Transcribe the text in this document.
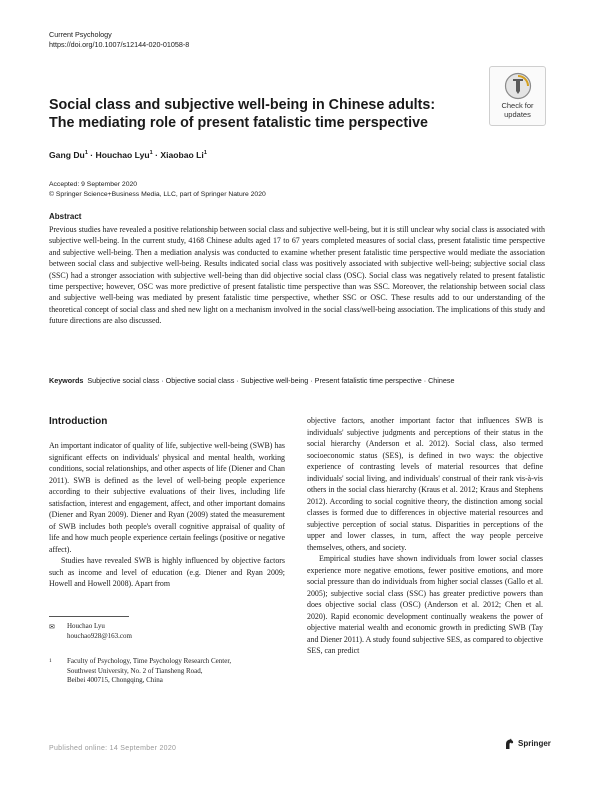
Current Psychology
https://doi.org/10.1007/s12144-020-01058-8
Check for
updates
Social class and subjective well-being in Chinese adults:
The mediating role of present fatalistic time perspective
Gang $Du^1$ · Houchao Lyu$^1$ · Xiaobao Li$^1$
Accepted: 9 September 2020
© Springer Science+Business Media, LLC, part of Springer Nature 2020
Abstract

Previous studies have revealed a positive relationship between social class and subjective well-being, but it is still unclear why social class is associated with subjective well-being. In the current study, 4168 Chinese adults aged 17 to 67 years completed measures of social class, present fatalistic time perspective and subjective well-being. Then a mediation analysis was conducted to examine whether present fatalistic time perspective would mediate the association between social class and subjective well-being. Results indicated social class was positively associated with subjective well-being; subjective social class (SSC) had a stronger association with subjective well-being than did objective social class (OSC). Social class was negatively related to present fatalistic time perspective; however, OSC was more predictive of present fatalistic time perspective than was SSC. Moreover, the relationship between social class and subjective well-being was mediated by present fatalistic time perspective, whether SSC or OSC. These results add to our understanding of the theoretical concept of social class and shed new light on a mechanism involved in the social class/well-being association. The implications of this study and future directions are also discussed.

Keywords Subjective social class · Objective social class · Subjective well-being · Present fatalistic time perspective · Chinese
Introduction

An important indicator of quality of life, subjective well-being (SWB) has significant effects on individuals' physical and mental health, working conditions, social relationships, and other aspects of life (Diener and Chan 2011). SWB is defined as the level of well-being people experience according to their subjective evaluations of their lives, including life satisfaction, interest and engagement, affect, and other important domains (Diener and Ryan 2009). Diener and Ryan (2009) stated the measurement of SWB includes both people's overall cognitive appraisal of quality of life and how much people experience certain feelings (positive or negative affect).

Studies have revealed SWB is highly influenced by objective factors such as income and level of education (e.g. Diener and Ryan 2009; Howell and Howell 2008). Apart from

objective factors, another important factor that influences SWB is individuals' subjective judgments and perceptions of their status in the social hierarchy (Anderson et al. 2012). Social class, also termed socioeconomic status (SES), is defined in two ways: the objective experience of contrasting levels of material resources that define individuals' social living, and individuals' construal of their rank vis-à-vis others in the social class hierarchy (Kraus et al. 2012; Kraus and Stephens 2012). According to social cognitive theory, the distinction among social classes is formed due to differences in objective material resources and subjective perception of social status. Disparities in perceptions of the upper and lower classes, in turn, affect the way people perceive themselves, others, and society.

Empirical studies have shown individuals from lower social classes experience more negative emotions, fewer positive emotions, and more social pressure than do individuals from higher social classes (Gallo et al. 2005); subjective social class (SSC) has greater predictive powers than does objective social class (OSC) (Anderson et al. 2012; Chen et al. 2020). Rapid economic development continually weakens the power of objective material wealth and economic growth in predicting SWB (Tay and Diener 2011). A study found subjective SES, as compared to objective SES, can predict

✉ Houchao Lyu
houchao928@163.com
1 Faculty of Psychology, Time Psychology Research Center,
Southwest University, No. 2 of Tiansheng Road,
Beibei 400715, Chongqing, China
Published online: 14 September 2020
Springer
